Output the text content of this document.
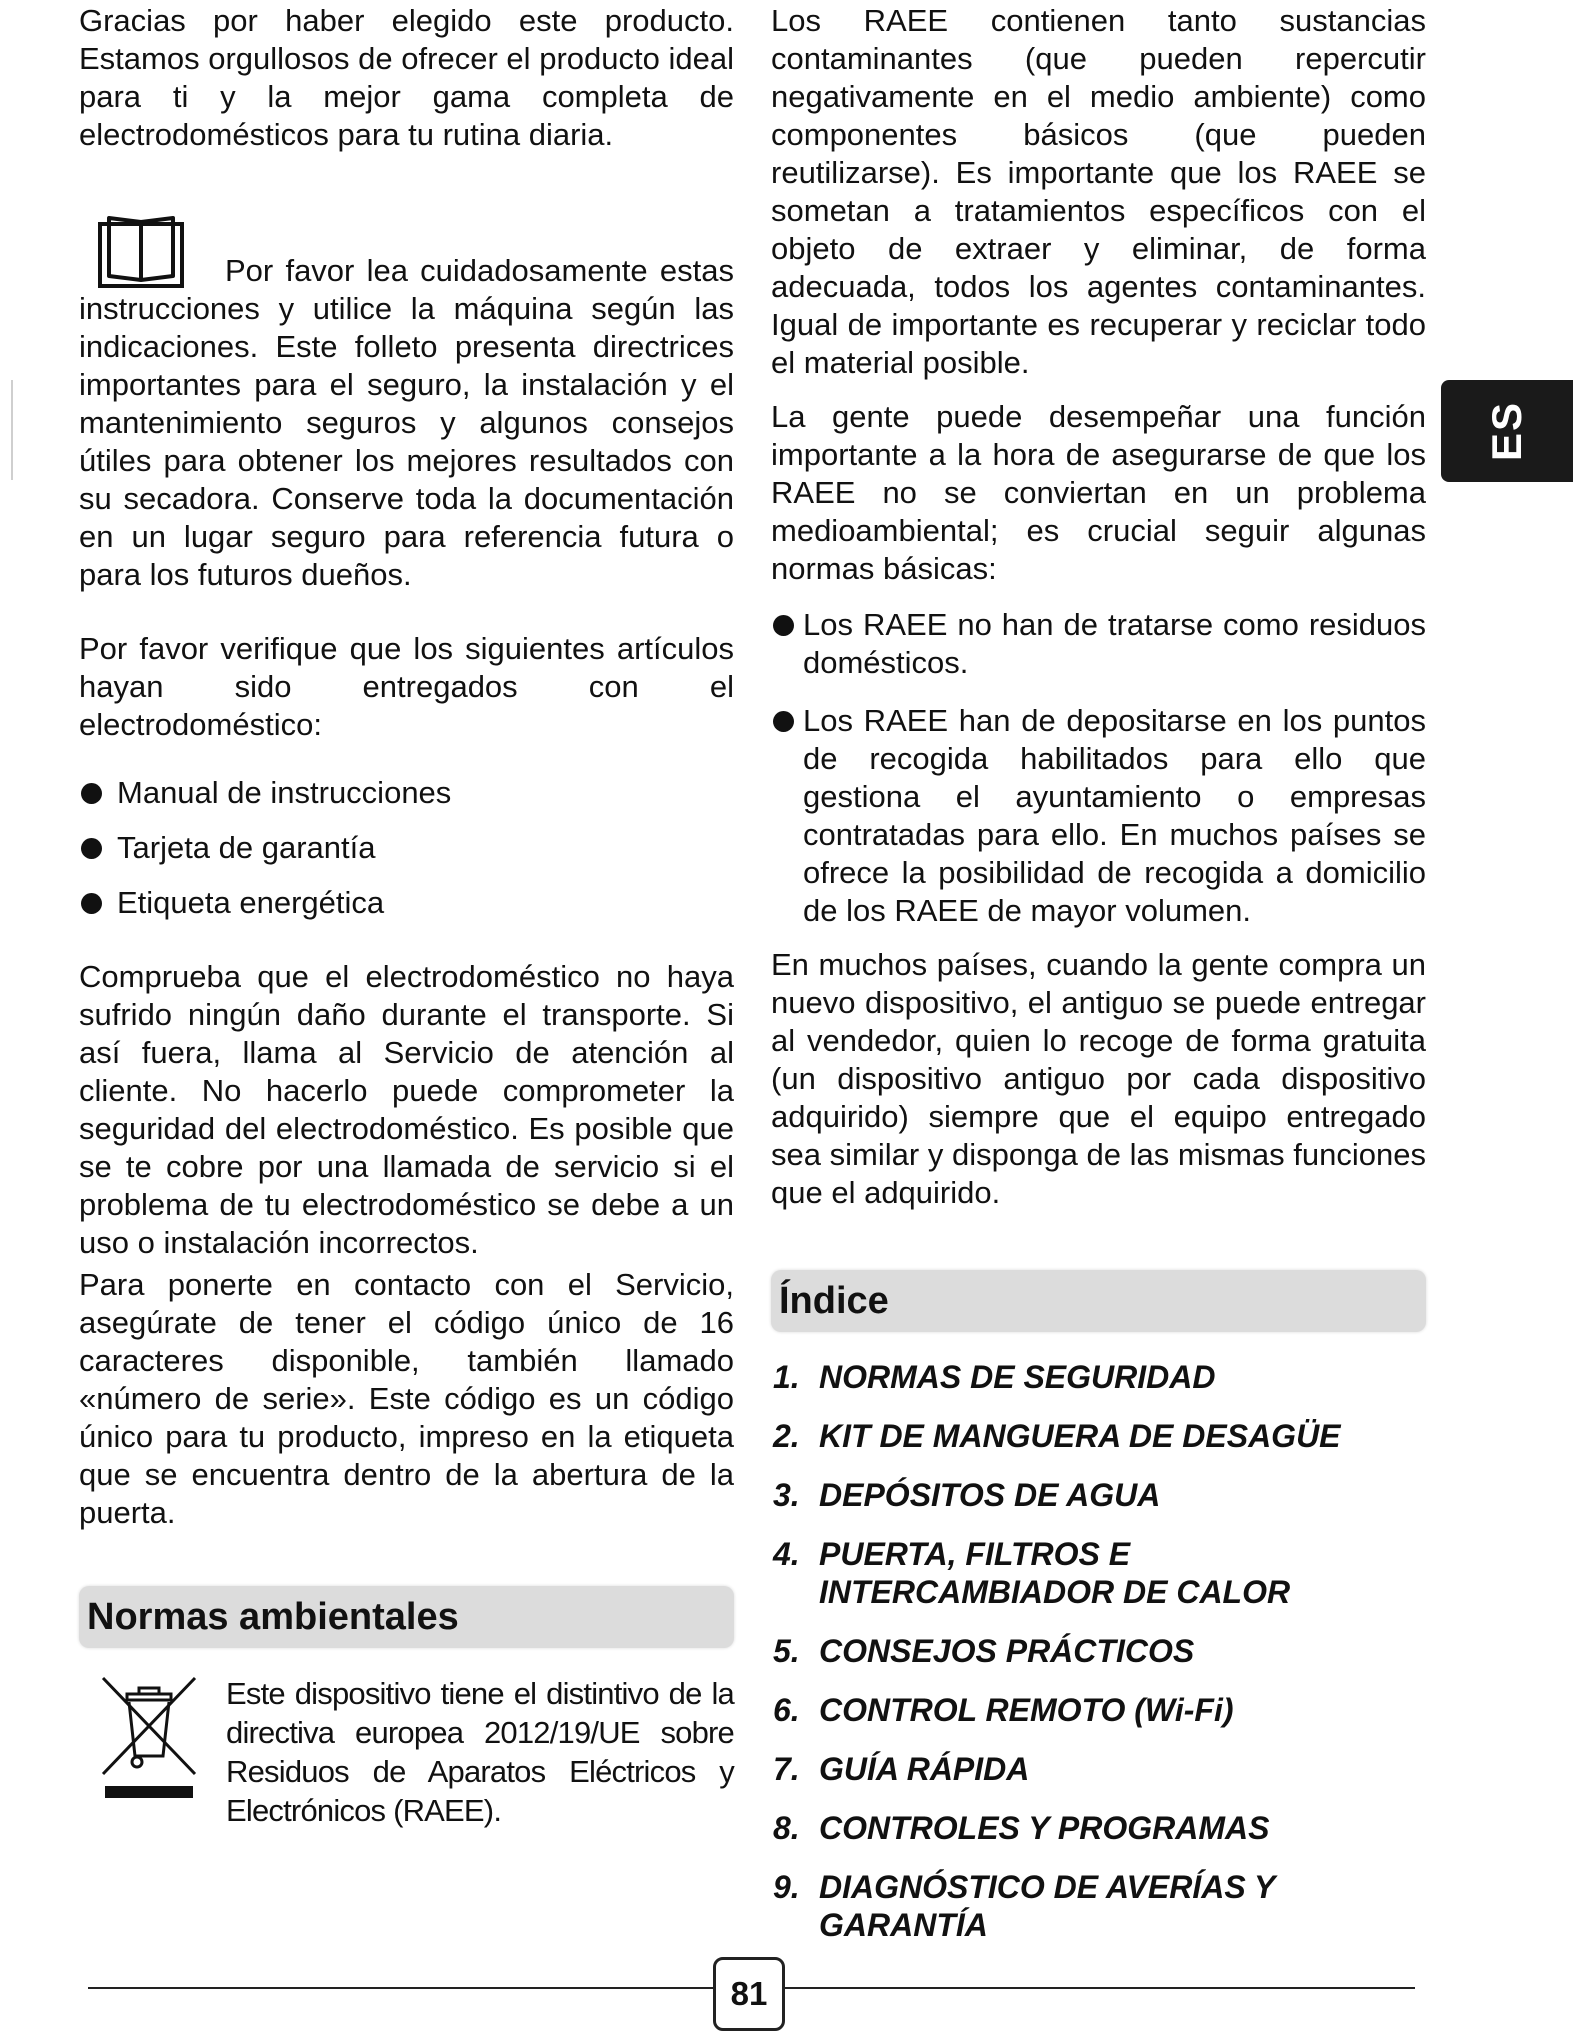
Gracias por haber elegido este producto. Estamos orgullosos de ofrecer el producto ideal para ti y la mejor gama completa de electrodomésticos para tu rutina diaria.

Por favor lea cuidadosamente estas instrucciones y utilice la máquina según las indicaciones. Este folleto presenta directrices importantes para el seguro, la instalación y el mantenimiento seguros y algunos consejos útiles para obtener los mejores resultados con su secadora. Conserve toda la documentación en un lugar seguro para referencia futura o para los futuros dueños.

Por favor verifique que los siguientes artículos hayan sido entregados con el electrodoméstico:

Manual de instrucciones
Tarjeta de garantía
Etiqueta energética

Comprueba que el electrodoméstico no haya sufrido ningún daño durante el transporte. Si así fuera, llama al Servicio de atención al cliente. No hacerlo puede comprometer la seguridad del electrodoméstico. Es posible que se te cobre por una llamada de servicio si el problema de tu electrodoméstico se debe a un uso o instalación incorrectos.

Para ponerte en contacto con el Servicio, asegúrate de tener el código único de 16 caracteres disponible, también llamado «número de serie». Este código es un código único para tu producto, impreso en la etiqueta que se encuentra dentro de la abertura de la puerta.

Normas ambientales
Este dispositivo tiene el distintivo de la directiva europea 2012/19/UE sobre Residuos de Aparatos Eléctricos y Electrónicos (RAEE).

Los RAEE contienen tanto sustancias contaminantes (que pueden repercutir negativamente en el medio ambiente) como componentes básicos (que pueden reutilizarse). Es importante que los RAEE se sometan a tratamientos específicos con el objeto de extraer y eliminar, de forma adecuada, todos los agentes contaminantes. Igual de importante es recuperar y reciclar todo el material posible.

La gente puede desempeñar una función importante a la hora de asegurarse de que los RAEE no se conviertan en un problema medioambiental; es crucial seguir algunas normas básicas:

Los RAEE no han de tratarse como residuos domésticos.
Los RAEE han de depositarse en los puntos de recogida habilitados para ello que gestiona el ayuntamiento o empresas contratadas para ello. En muchos países se ofrece la posibilidad de recogida a domicilio de los RAEE de mayor volumen.

En muchos países, cuando la gente compra un nuevo dispositivo, el antiguo se puede entregar al vendedor, quien lo recoge de forma gratuita (un dispositivo antiguo por cada dispositivo adquirido) siempre que el equipo entregado sea similar y disponga de las mismas funciones que el adquirido.

Índice
1. NORMAS DE SEGURIDAD
2. KIT DE MANGUERA DE DESAGÜE
3. DEPÓSITOS DE AGUA
4. PUERTA, FILTROS E INTERCAMBIADOR DE CALOR
5. CONSEJOS PRÁCTICOS
6. CONTROL REMOTO (Wi-Fi)
7. GUÍA RÁPIDA
8. CONTROLES Y PROGRAMAS
9. DIAGNÓSTICO DE AVERÍAS Y GARANTÍA
ES
81
